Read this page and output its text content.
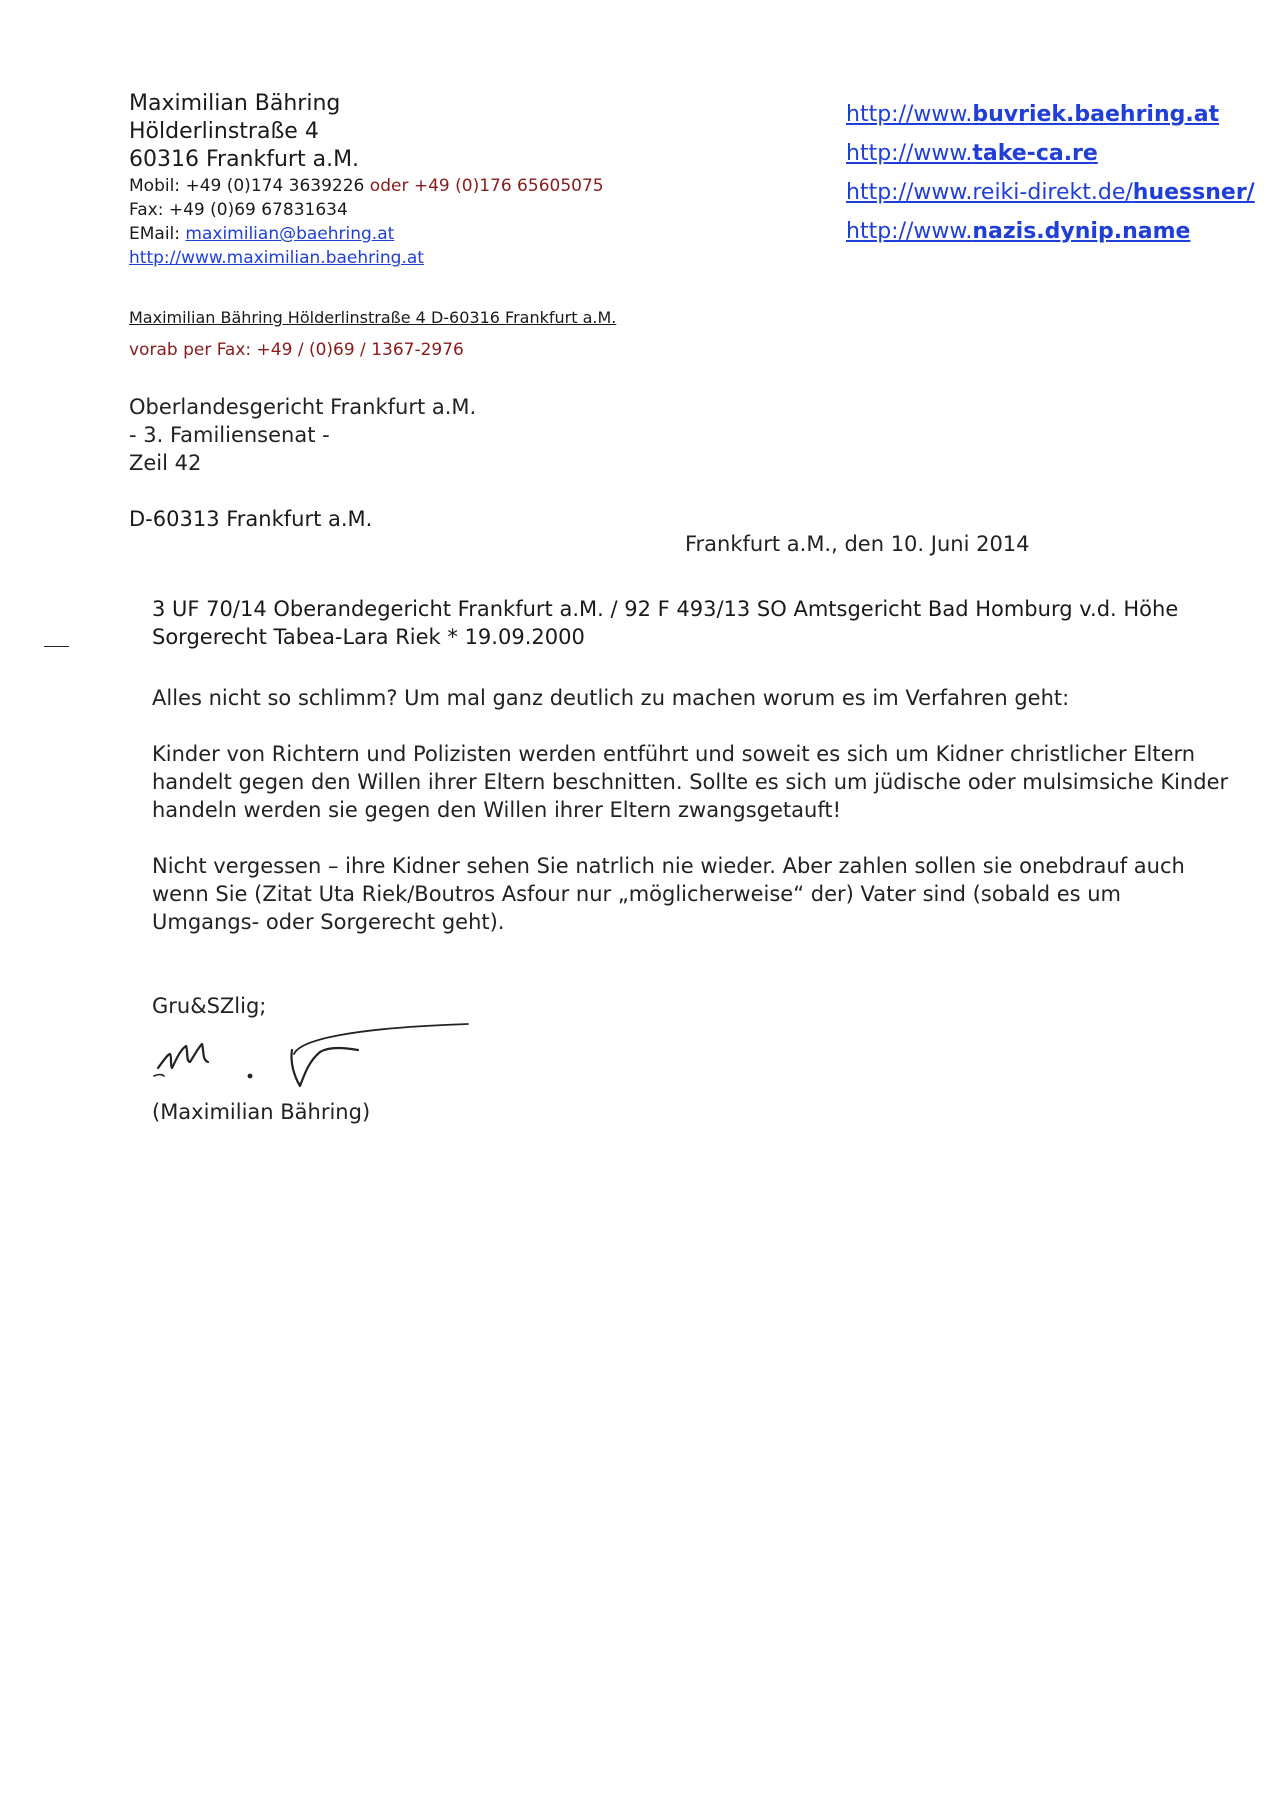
Maximilian Bähring
Hölderlinstraße 4
60316 Frankfurt a.M.
Mobil: +49 (0)174 3639226 oder +49 (0)176 65605075
Fax: +49 (0)69 67831634
EMail: maximilian@baehring.at
http://www.maximilian.baehring.at
http://www.buvriek.baehring.at
http://www.take-ca.re
http://www.reiki-direkt.de/huessner/
http://www.nazis.dynip.name
Maximilian Bähring Hölderlinstraße 4 D-60316 Frankfurt a.M.
vorab per Fax: +49 / (0)69 / 1367-2976
Oberlandesgericht Frankfurt a.M.
- 3. Familiensenat -
Zeil 42
D-60313 Frankfurt a.M.
Frankfurt a.M., den 10. Juni 2014
3 UF 70/14 Oberandegericht Frankfurt a.M. / 92 F 493/13 SO Amtsgericht Bad Homburg v.d. Höhe
Sorgerecht Tabea-Lara Riek * 19.09.2000
Alles nicht so schlimm? Um mal ganz deutlich zu machen worum es im Verfahren geht:
Kinder von Richtern und Polizisten werden entführt und soweit es sich um Kidner christlicher Eltern
handelt gegen den Willen ihrer Eltern beschnitten. Sollte es sich um jüdische oder mulsimsiche Kinder
handeln werden sie gegen den Willen ihrer Eltern zwangsgetauft!
Nicht vergessen – ihre Kidner sehen Sie natrlich nie wieder. Aber zahlen sollen sie onebdrauf auch
wenn Sie (Zitat Uta Riek/Boutros Asfour nur „möglicherweise“ der) Vater sind (sobald es um
Umgangs- oder Sorgerecht geht).
Gru&SZlig;
(Maximilian Bähring)
